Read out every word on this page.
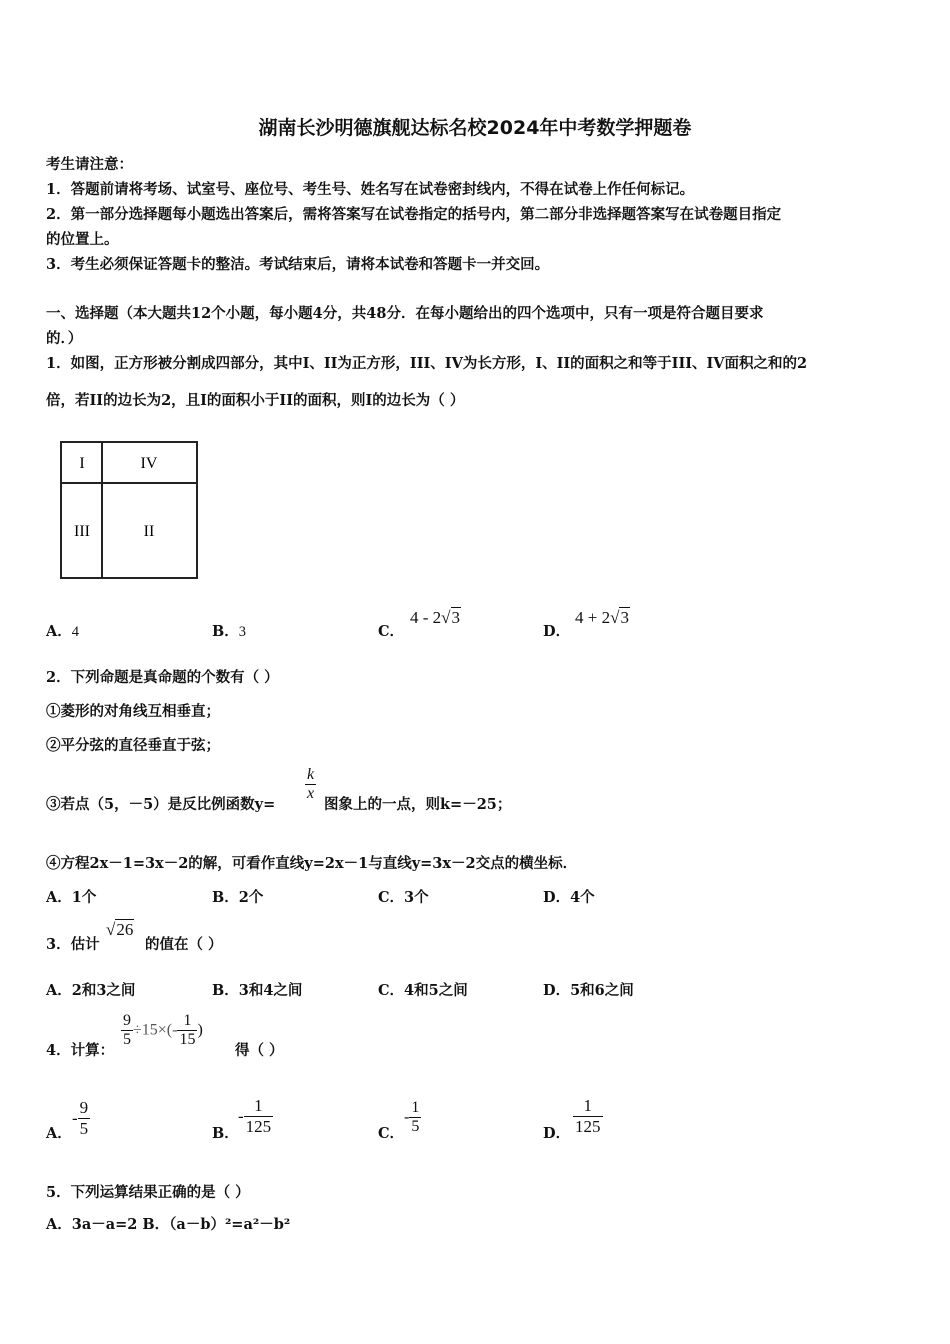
湖南长沙明德旗舰达标名校2024年中考数学押题卷
考生请注意：
1．答题前请将考场、试室号、座位号、考生号、姓名写在试卷密封线内，不得在试卷上作任何标记。
2．第一部分选择题每小题选出答案后，需将答案写在试卷指定的括号内，第二部分非选择题答案写在试卷题目指定
的位置上。
3．考生必须保证答题卡的整洁。考试结束后，请将本试卷和答题卡一并交回。
一、选择题（本大题共12个小题，每小题4分，共48分．在每小题给出的四个选项中，只有一项是符合题目要求
的．）
1．如图，正方形被分割成四部分，其中I、II为正方形，III、IV为长方形，I、II的面积之和等于III、IV面积之和的2
倍，若II的边长为2，且I的面积小于II的面积，则I的边长为（ ）
I	IV
III	II
A．4	B．3	C．
4 - 2√3
D．
4 + 2√3
2．下列命题是真命题的个数有（ ）
①菱形的对角线互相垂直；
②平分弦的直径垂直于弦；
③若点（5，－5）是反比例函数y=
$\frac{k}{x}$
图象上的一点，则k=－25；
④方程2x－1=3x－2的解，可看作直线y=2x－1与直线y=3x－2交点的横坐标．
A．1个	B．2个	C．3个	D．4个
3．估计
√26
的值在（ ）
A．2和3之间	B．3和4之间	C．4和5之间	D．5和6之间
4．计算：
$\frac{9}{5} \div 15\times(- \frac{1}{15}$ )
得（ ）
A．
- $\frac{9}{5}$	B．
- $\frac{1}{125}$	C．
- $\frac{1}{5}$	D． $\frac{1}{125}$
5．下列运算结果正确的是（ ）
A．3a－a=2 B．（a－b）²=a²－b²
